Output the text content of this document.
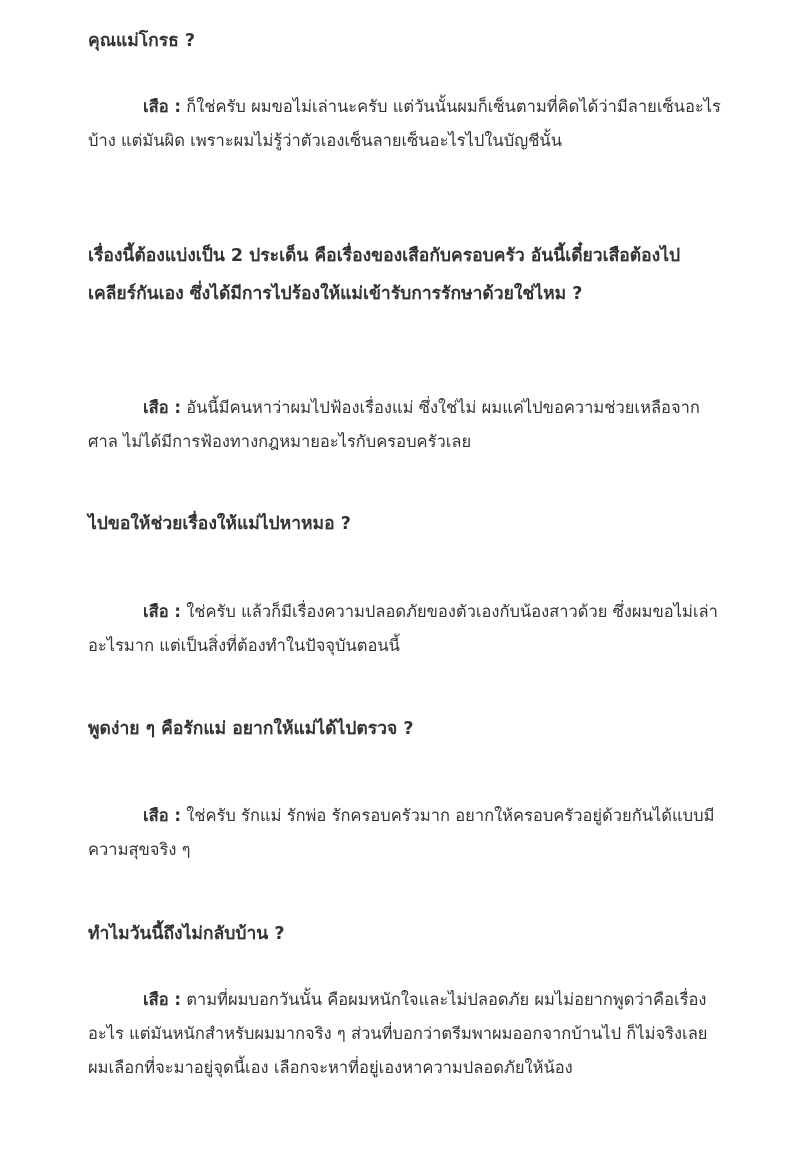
คุณแม่โกรธ ?

เสือ : ก็ใช่ครับ ผมขอไม่เล่านะครับ แต่วันนั้นผมก็เซ็นตามที่คิดได้ว่ามีลายเซ็นอะไรบ้าง แต่มันผิด เพราะผมไม่รู้ว่าตัวเองเซ็นลายเซ็นอะไรไปในบัญชีนั้น

เรื่องนี้ต้องแบ่งเป็น 2 ประเด็น คือเรื่องของเสือกับครอบครัว อันนี้เดี๋ยวเสือต้องไปเคลียร์กันเอง ซึ่งได้มีการไปร้องให้แม่เข้ารับการรักษาด้วยใช่ไหม ?

เสือ : อันนี้มีคนหาว่าผมไปฟ้องเรื่องแม่ ซึ่งใช่ไม่ ผมแค่ไปขอความช่วยเหลือจากศาล ไม่ได้มีการฟ้องทางกฎหมายอะไรกับครอบครัวเลย

ไปขอให้ช่วยเรื่องให้แม่ไปหาหมอ ?

เสือ : ใช่ครับ แล้วก็มีเรื่องความปลอดภัยของตัวเองกับน้องสาวด้วย ซึ่งผมขอไม่เล่าอะไรมาก แต่เป็นสิ่งที่ต้องทำในปัจจุบันตอนนี้

พูดง่าย ๆ คือรักแม่ อยากให้แม่ได้ไปตรวจ ?

เสือ : ใช่ครับ รักแม่ รักพ่อ รักครอบครัวมาก อยากให้ครอบครัวอยู่ด้วยกันได้แบบมีความสุขจริง ๆ

ทำไมวันนี้ถึงไม่กลับบ้าน ?

เสือ : ตามที่ผมบอกวันนั้น คือผมหนักใจและไม่ปลอดภัย ผมไม่อยากพูดว่าคือเรื่องอะไร แต่มันหนักสำหรับผมมากจริง ๆ ส่วนที่บอกว่าตรีมพาผมออกจากบ้านไป ก็ไม่จริงเลย ผมเลือกที่จะมาอยู่จุดนี้เอง เลือกจะหาที่อยู่เองหาความปลอดภัยให้น้อง
